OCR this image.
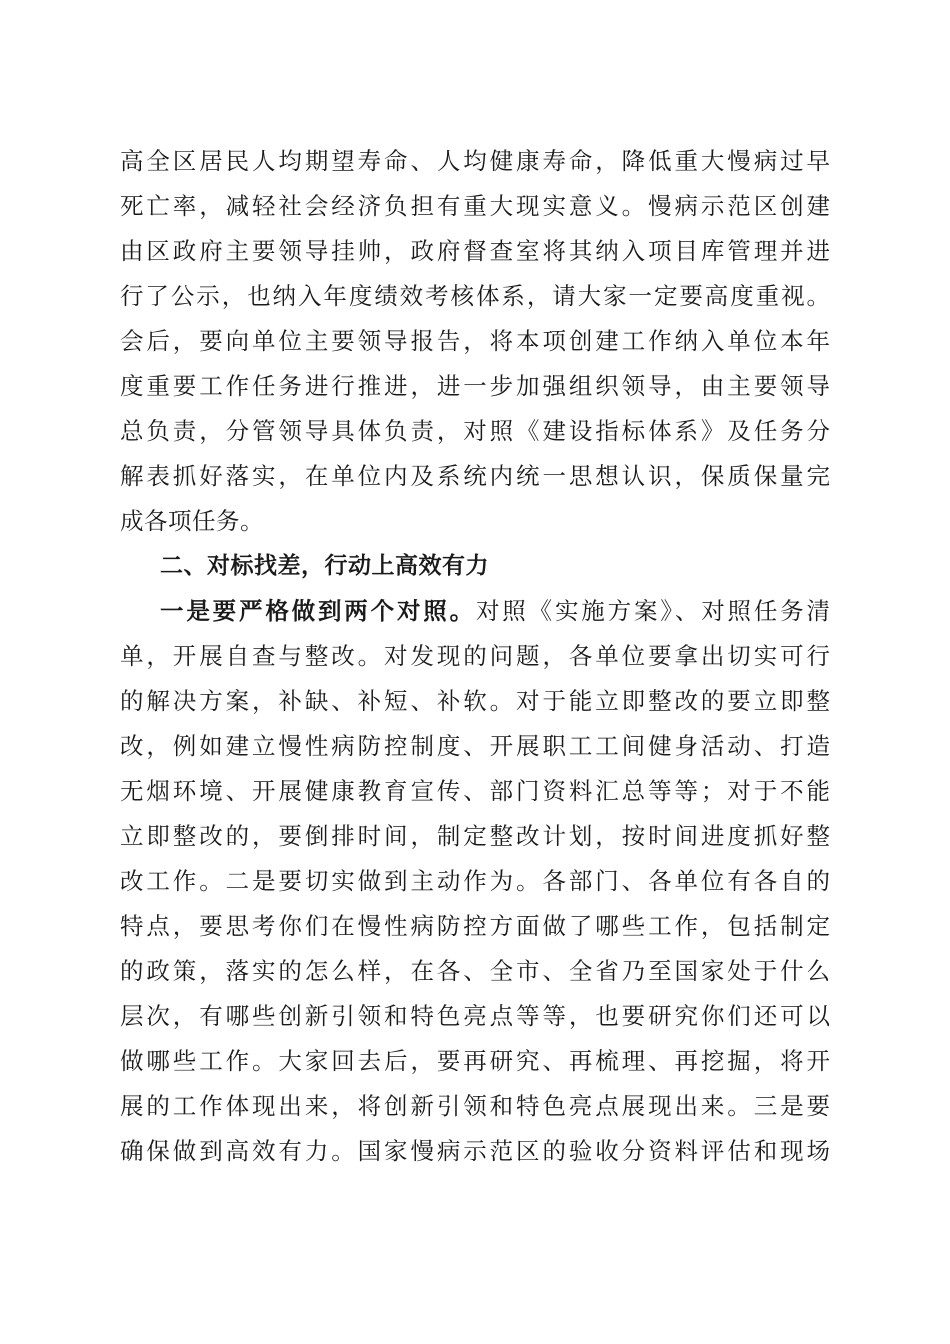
高全区居民人均期望寿命、人均健康寿命，降低重大慢病过早
死亡率，减轻社会经济负担有重大现实意义。慢病示范区创建
由区政府主要领导挂帅，政府督查室将其纳入项目库管理并进
行了公示，也纳入年度绩效考核体系，请大家一定要高度重视。
会后，要向单位主要领导报告，将本项创建工作纳入单位本年
度重要工作任务进行推进，进一步加强组织领导，由主要领导
总负责，分管领导具体负责，对照《建设指标体系》及任务分
解表抓好落实，在单位内及系统内统一思想认识，保质保量完
成各项任务。
二、对标找差，行动上高效有力
一是要严格做到两个对照。对照《实施方案》、对照任务清
单，开展自查与整改。对发现的问题，各单位要拿出切实可行
的解决方案，补缺、补短、补软。对于能立即整改的要立即整
改，例如建立慢性病防控制度、开展职工工间健身活动、打造
无烟环境、开展健康教育宣传、部门资料汇总等等；对于不能
立即整改的，要倒排时间，制定整改计划，按时间进度抓好整
改工作。二是要切实做到主动作为。各部门、各单位有各自的
特点，要思考你们在慢性病防控方面做了哪些工作，包括制定
的政策，落实的怎么样，在各、全市、全省乃至国家处于什么
层次，有哪些创新引领和特色亮点等等，也要研究你们还可以
做哪些工作。大家回去后，要再研究、再梳理、再挖掘，将开
展的工作体现出来，将创新引领和特色亮点展现出来。三是要
确保做到高效有力。国家慢病示范区的验收分资料评估和现场
